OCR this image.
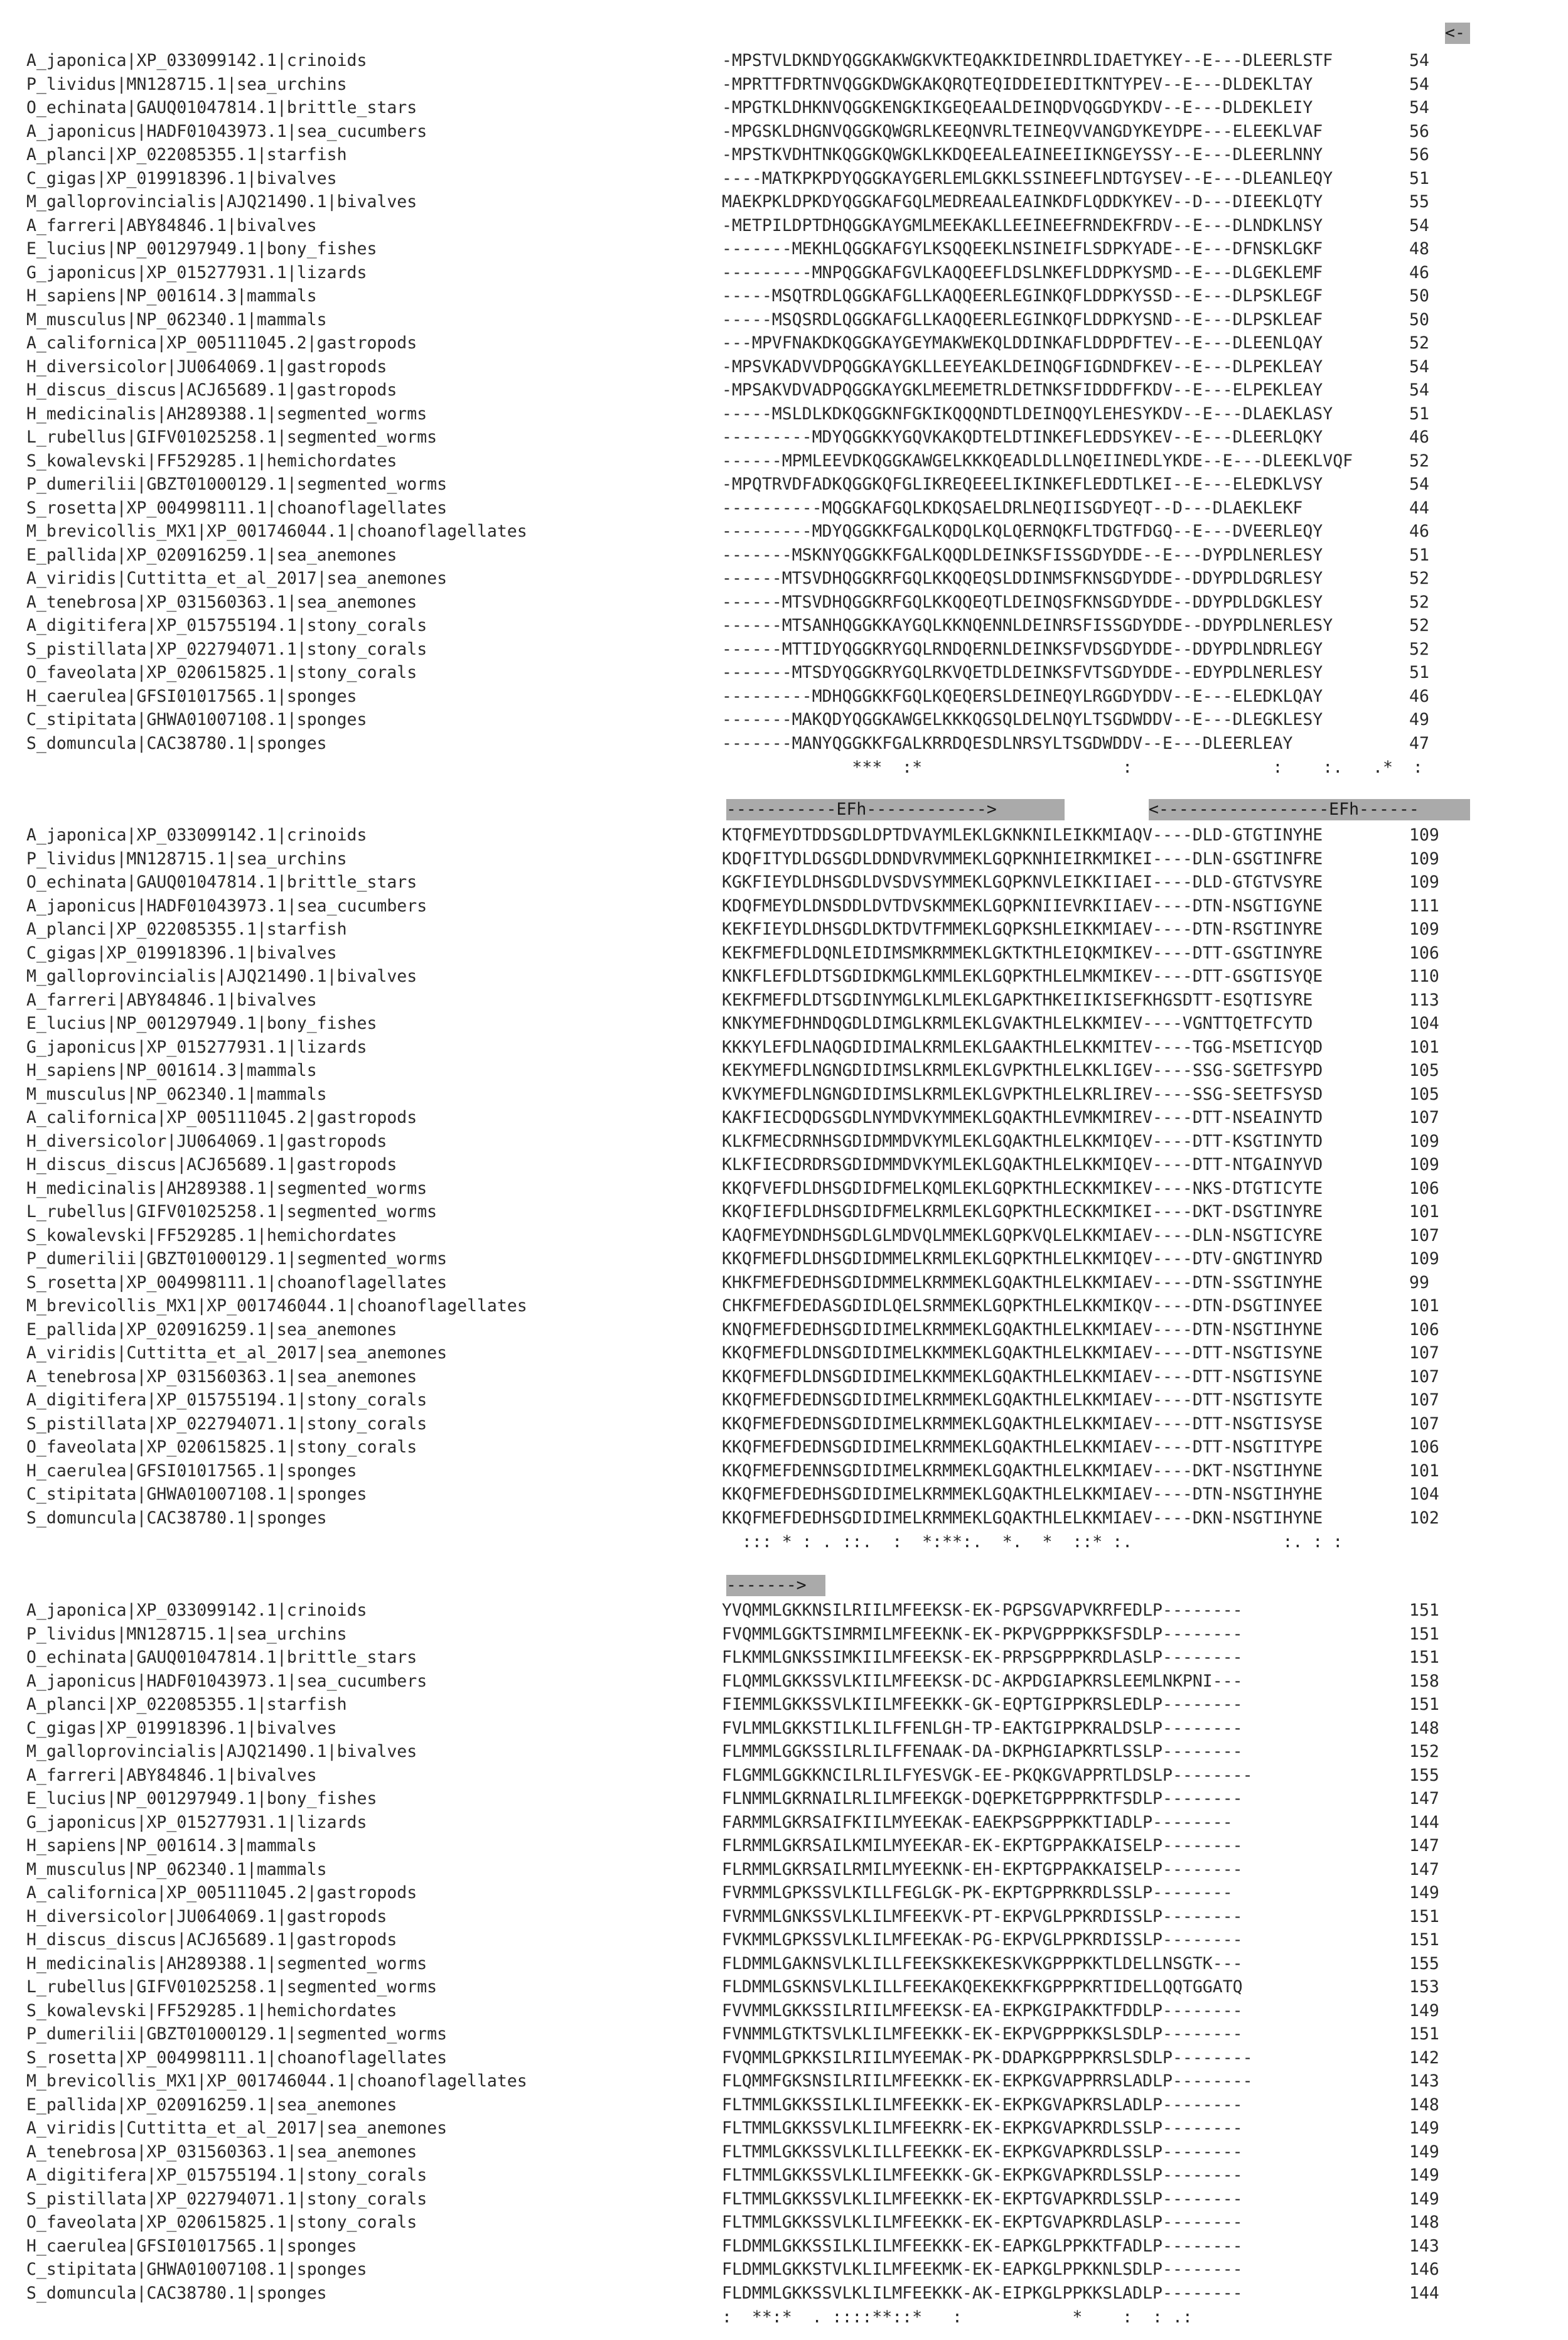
<-
-----------EFh------------>	<-----------------EFh------
------->
A_japonica|XP_033099142.1|crinoids	-MPSTVLDKNDYQGGKAKWGKVKTEQAKKIDEINRDLIDAETYKEY--E---DLEERLSTF	54
P_lividus|MN128715.1|sea_urchins	-MPRTTFDRTNVQGGKDWGKAKQRQTEQIDDEIEDITKNTYPEV--E---DLDEKLTAY	54
O_echinata|GAUQ01047814.1|brittle_stars	-MPGTKLDHKNVQGGKENGKIKGEQEAALDEINQDVQGGDYKDV--E---DLDEKLEIY	54
A_japonicus|HADF01043973.1|sea_cucumbers	-MPGSKLDHGNVQGGKQWGRLKEEQNVRLTEINEQVVANGDYKEYDPE---ELEEKLVAF	56
A_planci|XP_022085355.1|starfish	-MPSTKVDHTNKQGGKQWGKLKKDQEEALEAINEEIIKNGEYSSY--E---DLEERLNNY	56
C_gigas|XP_019918396.1|bivalves	----MATKPKPDYQGGKAYGERLEMLGKKLSSINEEFLNDTGYSEV--E---DLEANLEQY	51
M_galloprovincialis|AJQ21490.1|bivalves	MAEKPKLDPKDYQGGKAFGQLMEDREAALEAINKDFLQDDKYKEV--D---DIEEKLQTY	55
A_farreri|ABY84846.1|bivalves	-METPILDPTDHQGGKAYGMLMEEKAKLLEEINEEFRNDEKFRDV--E---DLNDKLNSY	54
E_lucius|NP_001297949.1|bony_fishes	-------MEKHLQGGKAFGYLKSQQEEKLNSINEIFLSDPKYADE--E---DFNSKLGKF	48
G_japonicus|XP_015277931.1|lizards	---------MNPQGGKAFGVLKAQQEEFLDSLNKEFLDDPKYSMD--E---DLGEKLEMF	46
H_sapiens|NP_001614.3|mammals	-----MSQTRDLQGGKAFGLLKAQQEERLEGINKQFLDDPKYSSD--E---DLPSKLEGF	50
M_musculus|NP_062340.1|mammals	-----MSQSRDLQGGKAFGLLKAQQEERLEGINKQFLDDPKYSND--E---DLPSKLEAF	50
A_californica|XP_005111045.2|gastropods	---MPVFNAKDKQGGKAYGEYMAKWEKQLDDINKAFLDDPDFTEV--E---DLEENLQAY	52
H_diversicolor|JU064069.1|gastropods	-MPSVKADVVDPQGGKAYGKLLEEYEAKLDEINQGFIGDNDFKEV--E---DLPEKLEAY	54
H_discus_discus|ACJ65689.1|gastropods	-MPSAKVDVADPQGGKAYGKLMEEMETRLDETNKSFIDDDFFKDV--E---ELPEKLEAY	54
H_medicinalis|AH289388.1|segmented_worms	-----MSLDLKDKQGGKNFGKIKQQQNDTLDEINQQYLEHESYKDV--E---DLAEKLASY	51
L_rubellus|GIFV01025258.1|segmented_worms	---------MDYQGGKKYGQVKAKQDTELDTINKEFLEDDSYKEV--E---DLEERLQKY	46
S_kowalevski|FF529285.1|hemichordates	------MPMLEEVDKQGGKAWGELKKKQEADLDLLNQEIINEDLYKDE--E---DLEEKLVQF	52
P_dumerilii|GBZT01000129.1|segmented_worms	-MPQTRVDFADKQGGKQFGLIKREQEEELIKINKEFLEDDTLKEI--E---ELEDKLVSY	54
S_rosetta|XP_004998111.1|choanoflagellates	----------MQGGKAFGQLKDKQSAELDRLNEQIISGDYEQT--D---DLAEKLEKF	44
M_brevicollis_MX1|XP_001746044.1|choanoflagellates	---------MDYQGGKKFGALKQDQLKQLQERNQKFLTDGTFDGQ--E---DVEERLEQY	46
E_pallida|XP_020916259.1|sea_anemones	-------MSKNYQGGKKFGALKQQDLDEINKSFISSGDYDDE--E---DYPDLNERLESY	51
A_viridis|Cuttitta_et_al_2017|sea_anemones	------MTSVDHQGGKRFGQLKKQQEQSLDDINMSFKNSGDYDDE--DDYPDLDGRLESY	52
A_tenebrosa|XP_031560363.1|sea_anemones	------MTSVDHQGGKRFGQLKKQQEQTLDEINQSFKNSGDYDDE--DDYPDLDGKLESY	52
A_digitifera|XP_015755194.1|stony_corals	------MTSANHQGGKKAYGQLKKNQENNLDEINRSFISSGDYDDE--DDYPDLNERLESY	52
S_pistillata|XP_022794071.1|stony_corals	------MTTIDYQGGKRYGQLRNDQERNLDEINKSFVDSGDYDDE--DDYPDLNDRLEGY	52
O_faveolata|XP_020615825.1|stony_corals	-------MTSDYQGGKRYGQLRKVQETDLDEINKSFVTSGDYDDE--EDYPDLNERLESY	51
H_caerulea|GFSI01017565.1|sponges	---------MDHQGGKKFGQLKQEQERSLDEINEQYLRGGDYDDV--E---ELEDKLQAY	46
C_stipitata|GHWA01007108.1|sponges	-------MAKQDYQGGKAWGELKKKQGSQLDELNQYLTSGDWDDV--E---DLEGKLESY	49
S_domuncula|CAC38780.1|sponges	-------MANYQGGKKFGALKRRDQESDLNRSYLTSGDWDDV--E---DLEERLEAY	47
***  :*                    :              :    :.   .*  :
A_japonica|XP_033099142.1|crinoids	KTQFMEYDTDDSGDLDPTDVAYMLEKLGKNKNILEIKKMIAQV----DLD-GTGTINYHE	109
P_lividus|MN128715.1|sea_urchins	KDQFITYDLDGSGDLDDNDVRVMMEKLGQPKNHIEIRKMIKEI----DLN-GSGTINFRE	109
O_echinata|GAUQ01047814.1|brittle_stars	KGKFIEYDLDHSGDLDVSDVSYMMEKLGQPKNVLEIKKIIAEI----DLD-GTGTVSYRE	109
A_japonicus|HADF01043973.1|sea_cucumbers	KDQFMEYDLDNSDDLDVTDVSKMMEKLGQPKNIIEVRKIIAEV----DTN-NSGTIGYNE	111
A_planci|XP_022085355.1|starfish	KEKFIEYDLDHSGDLDKTDVTFMMEKLGQPKSHLEIKKMIAEV----DTN-RSGTINYRE	109
C_gigas|XP_019918396.1|bivalves	KEKFMEFDLDQNLEIDIMSMKRMMEKLGKTKTHLEIQKMIKEV----DTT-GSGTINYRE	106
M_galloprovincialis|AJQ21490.1|bivalves	KNKFLEFDLDTSGDIDKMGLKMMLEKLGQPKTHLELMKMIKEV----DTT-GSGTISYQE	110
A_farreri|ABY84846.1|bivalves	KEKFMEFDLDTSGDINYMGLKLMLEKLGAPKTHKEIIKISEFKHGSDTT-ESQTISYRE	113
E_lucius|NP_001297949.1|bony_fishes	KNKYMEFDHNDQGDLDIMGLKRMLEKLGVAKTHLELKKMIEV----VGNTTQETFCYTD	104
G_japonicus|XP_015277931.1|lizards	KKKYLEFDLNAQGDIDIMALKRMLEKLGAAKTHLELKKMITEV----TGG-MSETICYQD	101
H_sapiens|NP_001614.3|mammals	KEKYMEFDLNGNGDIDIMSLKRMLEKLGVPKTHLELKKLIGEV----SSG-SGETFSYPD	105
M_musculus|NP_062340.1|mammals	KVKYMEFDLNGNGDIDIMSLKRMLEKLGVPKTHLELKRLIREV----SSG-SEETFSYSD	105
A_californica|XP_005111045.2|gastropods	KAKFIECDQDGSGDLNYMDVKYMMEKLGQAKTHLEVMKMIREV----DTT-NSEAINYTD	107
H_diversicolor|JU064069.1|gastropods	KLKFMECDRNHSGDIDMMDVKYMLEKLGQAKTHLELKKMIQEV----DTT-KSGTINYTD	109
H_discus_discus|ACJ65689.1|gastropods	KLKFIECDRDRSGDIDMMDVKYMLEKLGQAKTHLELKKMIQEV----DTT-NTGAINYVD	109
H_medicinalis|AH289388.1|segmented_worms	KKQFVEFDLDHSGDIDFMELKQMLEKLGQPKTHLECKKMIKEV----NKS-DTGTICYTE	106
L_rubellus|GIFV01025258.1|segmented_worms	KKQFIEFDLDHSGDIDFMELKRMLEKLGQPKTHLECKKMIKEI----DKT-DSGTINYRE	101
S_kowalevski|FF529285.1|hemichordates	KAQFMEYDNDHSGDLGLMDVQLMMEKLGQPKVQLELKKMIAEV----DLN-NSGTICYRE	107
P_dumerilii|GBZT01000129.1|segmented_worms	KKQFMEFDLDHSGDIDMMELKRMLEKLGQPKTHLELKKMIQEV----DTV-GNGTINYRD	109
S_rosetta|XP_004998111.1|choanoflagellates	KHKFMEFDEDHSGDIDMMELKRMMEKLGQAKTHLELKKMIAEV----DTN-SSGTINYHE	99
M_brevicollis_MX1|XP_001746044.1|choanoflagellates	CHKFMEFDEDASGDIDLQELSRMMEKLGQPKTHLELKKMIKQV----DTN-DSGTINYEE	101
E_pallida|XP_020916259.1|sea_anemones	KNQFMEFDEDHSGDIDIMELKRMMEKLGQAKTHLELKKMIAEV----DTN-NSGTIHYNE	106
A_viridis|Cuttitta_et_al_2017|sea_anemones	KKQFMEFDLDNSGDIDIMELKKMMEKLGQAKTHLELKKMIAEV----DTT-NSGTISYNE	107
A_tenebrosa|XP_031560363.1|sea_anemones	KKQFMEFDLDNSGDIDIMELKKMMEKLGQAKTHLELKKMIAEV----DTT-NSGTISYNE	107
A_digitifera|XP_015755194.1|stony_corals	KKQFMEFDEDNSGDIDIMELKRMMEKLGQAKTHLELKKMIAEV----DTT-NSGTISYTE	107
S_pistillata|XP_022794071.1|stony_corals	KKQFMEFDEDNSGDIDIMELKRMMEKLGQAKTHLELKKMIAEV----DTT-NSGTISYSE	107
O_faveolata|XP_020615825.1|stony_corals	KKQFMEFDEDNSGDIDIMELKRMMEKLGQAKTHLELKKMIAEV----DTT-NSGTITYPE	106
H_caerulea|GFSI01017565.1|sponges	KKQFMEFDENNSGDIDIMELKRMMEKLGQAKTHLELKKMIAEV----DKT-NSGTIHYNE	101
C_stipitata|GHWA01007108.1|sponges	KKQFMEFDEDHSGDIDIMELKRMMEKLGQAKTHLELKKMIAEV----DTN-NSGTIHYHE	104
S_domuncula|CAC38780.1|sponges	KKQFMEFDEDHSGDIDIMELKRMMEKLGQAKTHLELKKMIAEV----DKN-NSGTIHYNE	102
::: * : . ::.  :  *:**:.  *.  *  ::* :.               :. : :
A_japonica|XP_033099142.1|crinoids	YVQMMLGKKNSILRIILMFEEKSK-EK-PGPSGVAPVKRFEDLP--------	151
P_lividus|MN128715.1|sea_urchins	FVQMMLGGKTSIMRMILMFEEKNK-EK-PKPVGPPPKKSFSDLP--------	151
O_echinata|GAUQ01047814.1|brittle_stars	FLKMMLGNKSSIMKIILMFEEKSK-EK-PRPSGPPPKRDLASLP--------	151
A_japonicus|HADF01043973.1|sea_cucumbers	FLQMMLGKKSSVLKIILMFEEKSK-DC-AKPDGIAPKRSLEEMLNKPNI---	158
A_planci|XP_022085355.1|starfish	FIEMMLGKKSSVLKIILMFEEKKK-GK-EQPTGIPPKRSLEDLP--------	151
C_gigas|XP_019918396.1|bivalves	FVLMMLGKKSTILKLILFFENLGH-TP-EAKTGIPPKRALDSLP--------	148
M_galloprovincialis|AJQ21490.1|bivalves	FLMMMLGGKSSILRLILFFENAAK-DA-DKPHGIAPKRTLSSLP--------	152
A_farreri|ABY84846.1|bivalves	FLGMMLGGKKNCILRLILFYESVGK-EE-PKQKGVAPPRTLDSLP--------	155
E_lucius|NP_001297949.1|bony_fishes	FLNMMLGKRNAILRLILMFEEKGK-DQEPKETGPPPRKTFSDLP--------	147
G_japonicus|XP_015277931.1|lizards	FARMMLGKRSAIFKIILMYEEKAK-EAEKPSGPPPKKTIADLP--------	144
H_sapiens|NP_001614.3|mammals	FLRMMLGKRSAILKMILMYEEKAR-EK-EKPTGPPAKKAISELP--------	147
M_musculus|NP_062340.1|mammals	FLRMMLGKRSAILRMILMYEEKNK-EH-EKPTGPPAKKAISELP--------	147
A_californica|XP_005111045.2|gastropods	FVRMMLGPKSSVLKILLFEGLGK-PK-EKPTGPPRKRDLSSLP--------	149
H_diversicolor|JU064069.1|gastropods	FVRMMLGNKSSVLKLILMFEEKVK-PT-EKPVGLPPKRDISSLP--------	151
H_discus_discus|ACJ65689.1|gastropods	FVKMMLGPKSSVLKLILMFEEKAK-PG-EKPVGLPPKRDISSLP--------	151
H_medicinalis|AH289388.1|segmented_worms	FLDMMLGAKNSVLKLILLFEEKSKKEKESKVKGPPPKKTLDELLNSGTK---	155
L_rubellus|GIFV01025258.1|segmented_worms	FLDMMLGSKNSVLKLILLFEEKAKQEKEKKFKGPPPKRTIDELLQQTGGATQ	153
S_kowalevski|FF529285.1|hemichordates	FVVMMLGKKSSILRIILMFEEKSK-EA-EKPKGIPAKKTFDDLP--------	149
P_dumerilii|GBZT01000129.1|segmented_worms	FVNMMLGTKTSVLKLILMFEEKKK-EK-EKPVGPPPKKSLSDLP--------	151
S_rosetta|XP_004998111.1|choanoflagellates	FVQMMLGPKKSILRIILMYEEMAK-PK-DDAPKGPPPKRSLSDLP--------	142
M_brevicollis_MX1|XP_001746044.1|choanoflagellates	FLQMMFGKSNSILRIILMFEEKKK-EK-EKPKGVAPPRRSLADLP--------	143
E_pallida|XP_020916259.1|sea_anemones	FLTMMLGKKSSILKLILMFEEKKK-EK-EKPKGVAPKRSLADLP--------	148
A_viridis|Cuttitta_et_al_2017|sea_anemones	FLTMMLGKKSSVLKLILMFEEKRK-EK-EKPKGVAPKRDLSSLP--------	149
A_tenebrosa|XP_031560363.1|sea_anemones	FLTMMLGKKSSVLKLILLFEEKKK-EK-EKPKGVAPKRDLSSLP--------	149
A_digitifera|XP_015755194.1|stony_corals	FLTMMLGKKSSVLKLILMFEEKKK-GK-EKPKGVAPKRDLSSLP--------	149
S_pistillata|XP_022794071.1|stony_corals	FLTMMLGKKSSVLKLILMFEEKKK-EK-EKPTGVAPKRDLSSLP--------	149
O_faveolata|XP_020615825.1|stony_corals	FLTMMLGKKSSVLKLILMFEEKKK-EK-EKPTGVAPKRDLASLP--------	148
H_caerulea|GFSI01017565.1|sponges	FLDMMLGKKSSILKLILMFEEKKK-EK-EAPKGLPPKKTFADLP--------	143
C_stipitata|GHWA01007108.1|sponges	FLDMMLGKKSTVLKLILMFEEKMK-EK-EAPKGLPPKKNLSDLP--------	146
S_domuncula|CAC38780.1|sponges	FLDMMLGKKSSVLKLILMFEEKKK-AK-EIPKGLPPKKSLADLP--------	144
:  **:*  . ::::**::*   :           *    :  : .:
